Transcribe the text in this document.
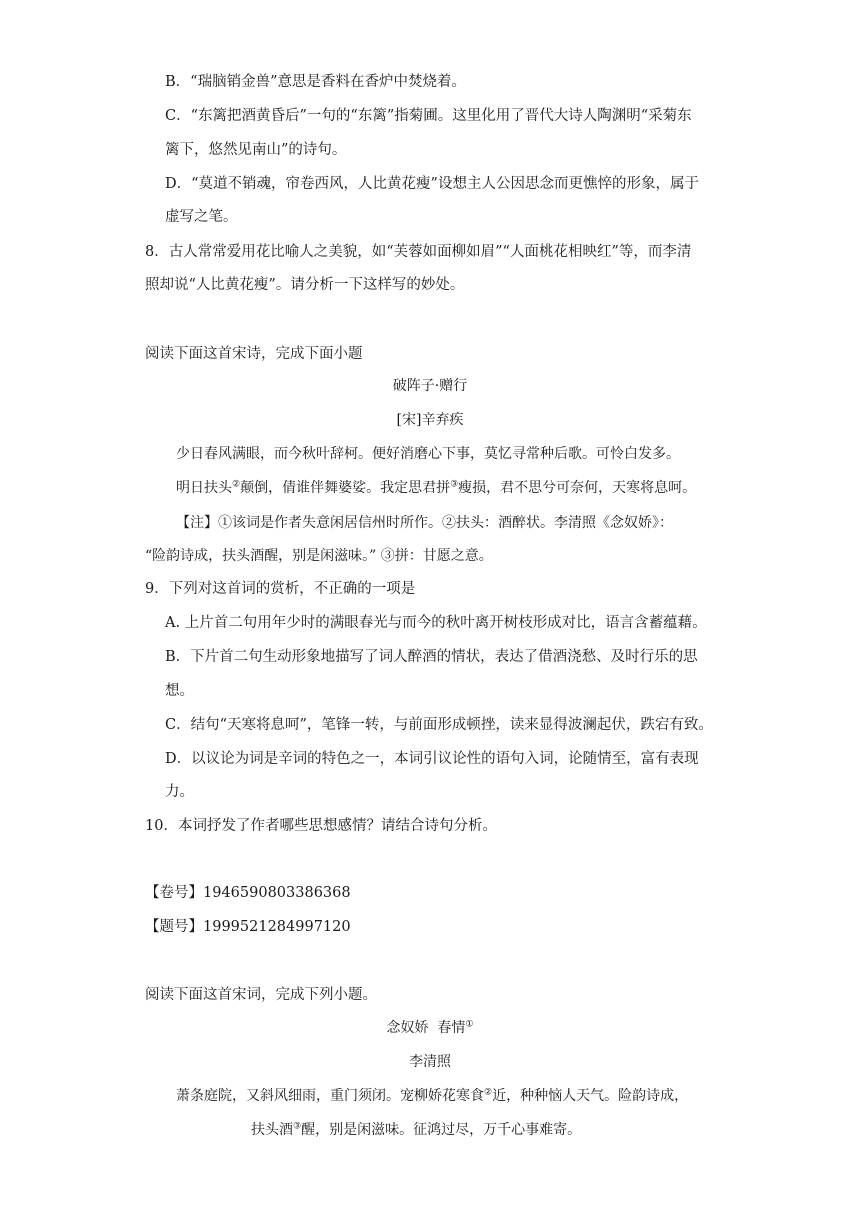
B．“瑞脑销金兽”意思是香料在香炉中焚烧着。
C．“东篱把酒黄昏后”一句的“东篱”指菊圃。这里化用了晋代大诗人陶渊明“采菊东
篱下，悠然见南山”的诗句。
D．“莫道不销魂，帘卷西风，人比黄花瘦”设想主人公因思念而更憔悴的形象，属于
虚写之笔。
8．古人常常爱用花比喻人之美貌，如“芙蓉如面柳如眉”“人面桃花相映红”等，而李清
照却说“人比黄花瘦”。请分析一下这样写的妙处。
阅读下面这首宋诗，完成下面小题
破阵子·赠行
[宋]辛弃疾
少日春风满眼，而今秋叶辞柯。便好消磨心下事，莫忆寻常种后歌。可怜白发多。
明日扶头②颠倒，倩谁伴舞婆娑。我定思君拼③瘦损，君不思兮可奈何，天寒将息呵。
【注】①该词是作者失意闲居信州时所作。②扶头：酒醉状。李清照《念奴娇》：
“险韵诗成，扶头酒醒，别是闲滋味。” ③拼：甘愿之意。
9．下列对这首词的赏析，不正确的一项是
A. 上片首二句用年少时的满眼春光与而今的秋叶离开树枝形成对比，语言含蓄蕴藉。
B．下片首二句生动形象地描写了词人醉酒的情状，表达了借酒浇愁、及时行乐的思
想。
C．结句“天寒将息呵”，笔锋一转，与前面形成顿挫，读来显得波澜起伏，跌宕有致。
D．以议论为词是辛词的特色之一，本词引议论性的语句入词，论随情至，富有表现
力。
10．本词抒发了作者哪些思想感情？请结合诗句分析。
【卷号】1946590803386368
【题号】1999521284997120
阅读下面这首宋词，完成下列小题。
念奴娇  春情①
李清照
萧条庭院，又斜风细雨，重门须闭。宠柳娇花寒食②近，种种恼人天气。险韵诗成，
扶头酒③醒，别是闲滋味。征鸿过尽，万千心事难寄。
